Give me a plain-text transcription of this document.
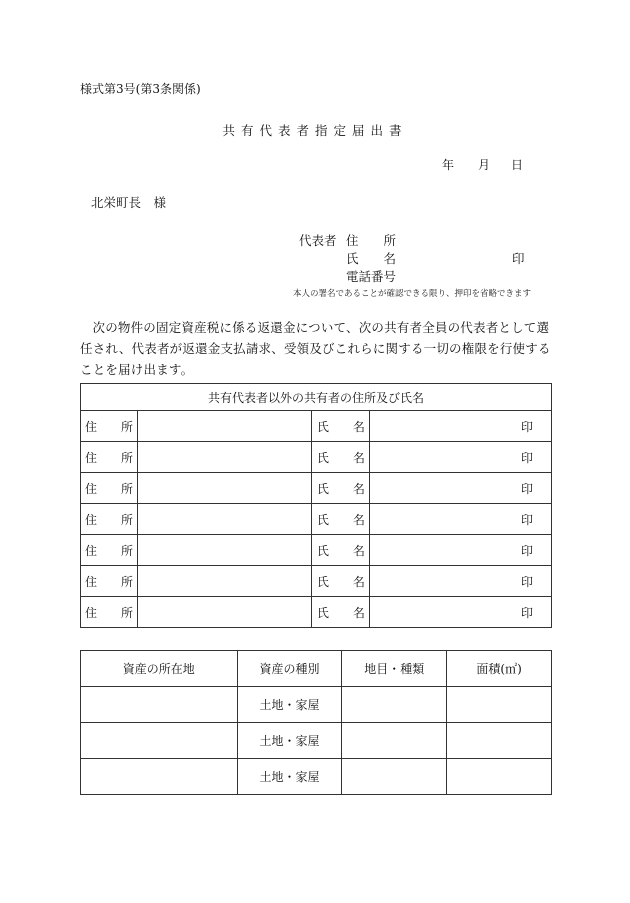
様式第3号(第3条関係)
共有代表者指定届出書
年 月 日
北栄町長　様
代表者 住　　所
氏　　名	印
電話番号
本人の署名であることが確認できる限り、押印を省略できます
次の物件の固定資産税に係る返還金について、次の共有者全員の代表者として選任され、代表者が返還金支払請求、受領及びこれらに関する一切の権限を行使することを届け出ます。
共有代表者以外の共有者の住所及び氏名			
住　　所		氏　　名	印
住　　所		氏　　名	印
住　　所		氏　　名	印
住　　所		氏　　名	印
住　　所		氏　　名	印
住　　所		氏　　名	印
住　　所		氏　　名	印
資産の所在地	資産の種別	地目・種類	面積(㎡)
	土地・家屋		
	土地・家屋		
	土地・家屋		
